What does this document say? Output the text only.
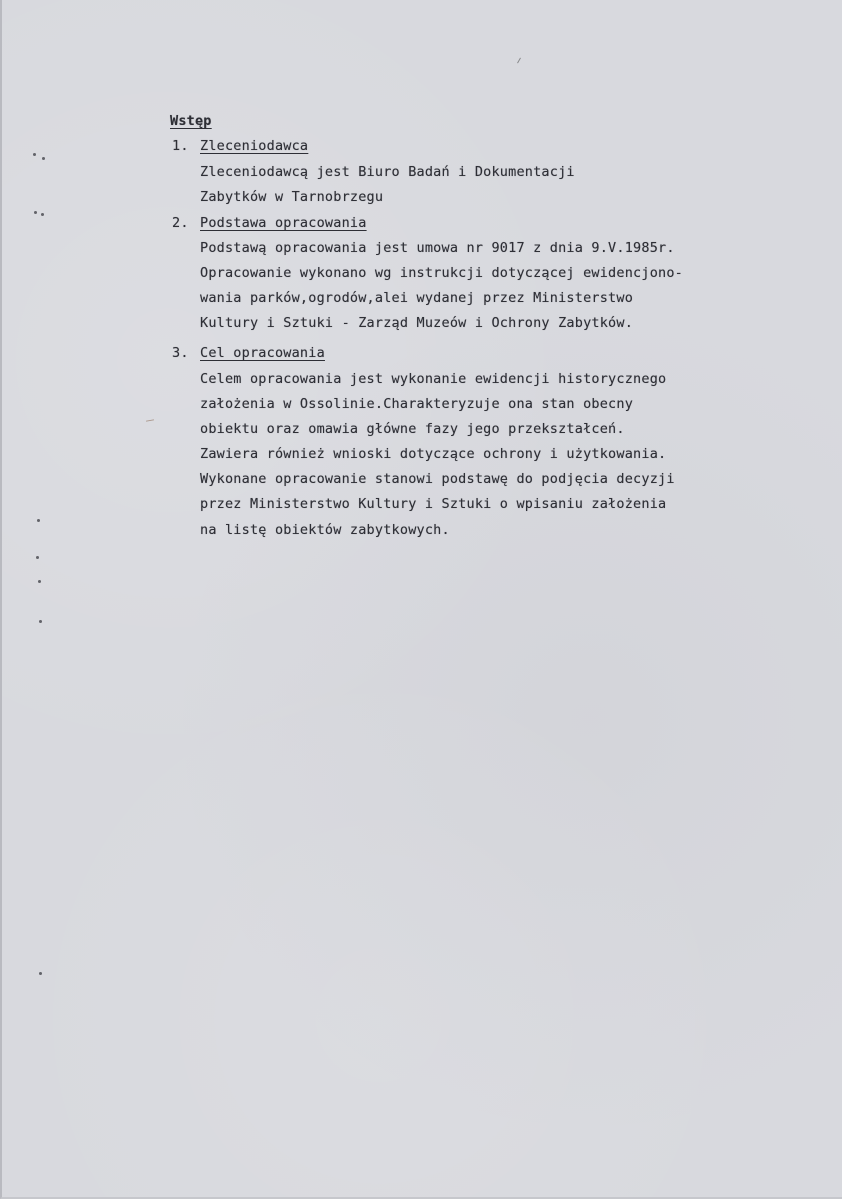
Wstęp
1. Zleceniodawca
Zleceniodawcą jest Biuro Badań i Dokumentacji
Zabytków w Tarnobrzegu
2. Podstawa opracowania
Podstawą opracowania jest umowa nr 9017 z dnia 9.V.1985r.
Opracowanie wykonano wg instrukcji dotyczącej ewidencjono-
wania parków,ogrodów,alei wydanej przez Ministerstwo
Kultury i Sztuki - Zarząd Muzeów i Ochrony Zabytków.
3. Cel opracowania
Celem opracowania jest wykonanie ewidencji historycznego
założenia w Ossolinie.Charakteryzuje ona stan obecny
obiektu oraz omawia główne fazy jego przekształceń.
Zawiera również wnioski dotyczące ochrony i użytkowania.
Wykonane opracowanie stanowi podstawę do podjęcia decyzji
przez Ministerstwo Kultury i Sztuki o wpisaniu założenia
na listę obiektów zabytkowych.
